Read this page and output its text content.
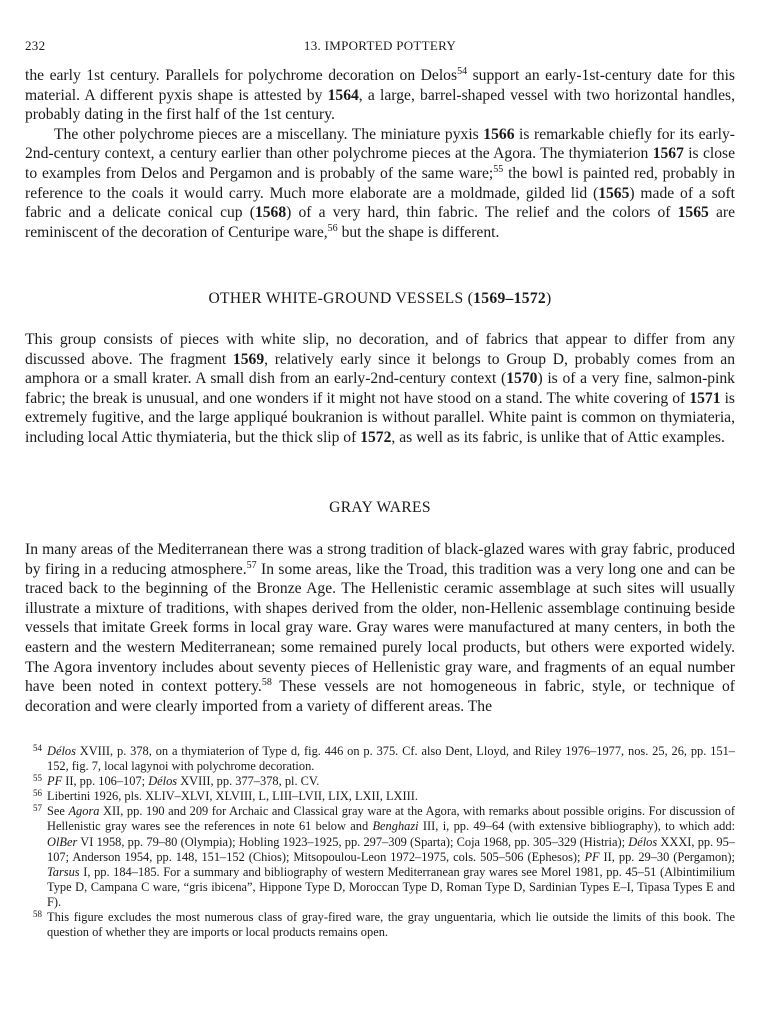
232	13. IMPORTED POTTERY

the early 1st century. Parallels for polychrome decoration on Delos$^{54}$ support an early-1st-century date for this material. A different pyxis shape is attested by 1564, a large, barrel-shaped vessel with two horizontal handles, probably dating in the first half of the 1st century.

The other polychrome pieces are a miscellany. The miniature pyxis 1566 is remarkable chiefly for its early-2nd-century context, a century earlier than other polychrome pieces at the Agora. The thymiaterion 1567 is close to examples from Delos and Pergamon and is probably of the same ware;$^{55}$ the bowl is painted red, probably in reference to the coals it would carry. Much more elaborate are a moldmade, gilded lid (1565) made of a soft fabric and a delicate conical cup (1568) of a very hard, thin fabric. The relief and the colors of 1565 are reminiscent of the decoration of Centuripe ware,$^{56}$ but the shape is different.

OTHER WHITE-GROUND VESSELS (1569–1572)

This group consists of pieces with white slip, no decoration, and of fabrics that appear to differ from any discussed above. The fragment 1569, relatively early since it belongs to Group D, probably comes from an amphora or a small krater. A small dish from an early-2nd-century context (1570) is of a very fine, salmon-pink fabric; the break is unusual, and one wonders if it might not have stood on a stand. The white covering of 1571 is extremely fugitive, and the large appliqué boukranion is without parallel. White paint is common on thymiateria, including local Attic thymiateria, but the thick slip of 1572, as well as its fabric, is unlike that of Attic examples.

GRAY WARES

In many areas of the Mediterranean there was a strong tradition of black-glazed wares with gray fabric, produced by firing in a reducing atmosphere.$^{57}$ In some areas, like the Troad, this tradition was a very long one and can be traced back to the beginning of the Bronze Age. The Hellenistic ceramic assemblage at such sites will usually illustrate a mixture of traditions, with shapes derived from the older, non-Hellenic assemblage continuing beside vessels that imitate Greek forms in local gray ware. Gray wares were manufactured at many centers, in both the eastern and the western Mediterranean; some remained purely local products, but others were exported widely. The Agora inventory includes about seventy pieces of Hellenistic gray ware, and fragments of an equal number have been noted in context pottery.$^{58}$ These vessels are not homogeneous in fabric, style, or technique of decoration and were clearly imported from a variety of different areas. The

54 Délos XVIII, p. 378, on a thymiaterion of Type d, fig. 446 on p. 375. Cf. also Dent, Lloyd, and Riley 1976–1977, nos. 25, 26, pp. 151–152, fig. 7, local lagynoi with polychrome decoration.
55 PF II, pp. 106–107; Délos XVIII, pp. 377–378, pl. CV.
56 Libertini 1926, pls. XLIV–XLVI, XLVIII, L, LIII–LVII, LIX, LXII, LXIII.
57 See Agora XII, pp. 190 and 209 for Archaic and Classical gray ware at the Agora, with remarks about possible origins. For discussion of Hellenistic gray wares see the references in note 61 below and Benghazi III, i, pp. 49–64 (with extensive bibliography), to which add: OlBer VI 1958, pp. 79–80 (Olympia); Hobling 1923–1925, pp. 297–309 (Sparta); Coja 1968, pp. 305–329 (Histria); Délos XXXI, pp. 95–107; Anderson 1954, pp. 148, 151–152 (Chios); Mitsopoulou-Leon 1972–1975, cols. 505–506 (Ephesos); PF II, pp. 29–30 (Pergamon); Tarsus I, pp. 184–185. For a summary and bibliography of western Mediterranean gray wares see Morel 1981, pp. 45–51 (Albintimilium Type D, Campana C ware, “gris ibicena”, Hippone Type D, Moroccan Type D, Roman Type D, Sardinian Types E–I, Tipasa Types E and F).
58 This figure excludes the most numerous class of gray-fired ware, the gray unguentaria, which lie outside the limits of this book. The question of whether they are imports or local products remains open.
